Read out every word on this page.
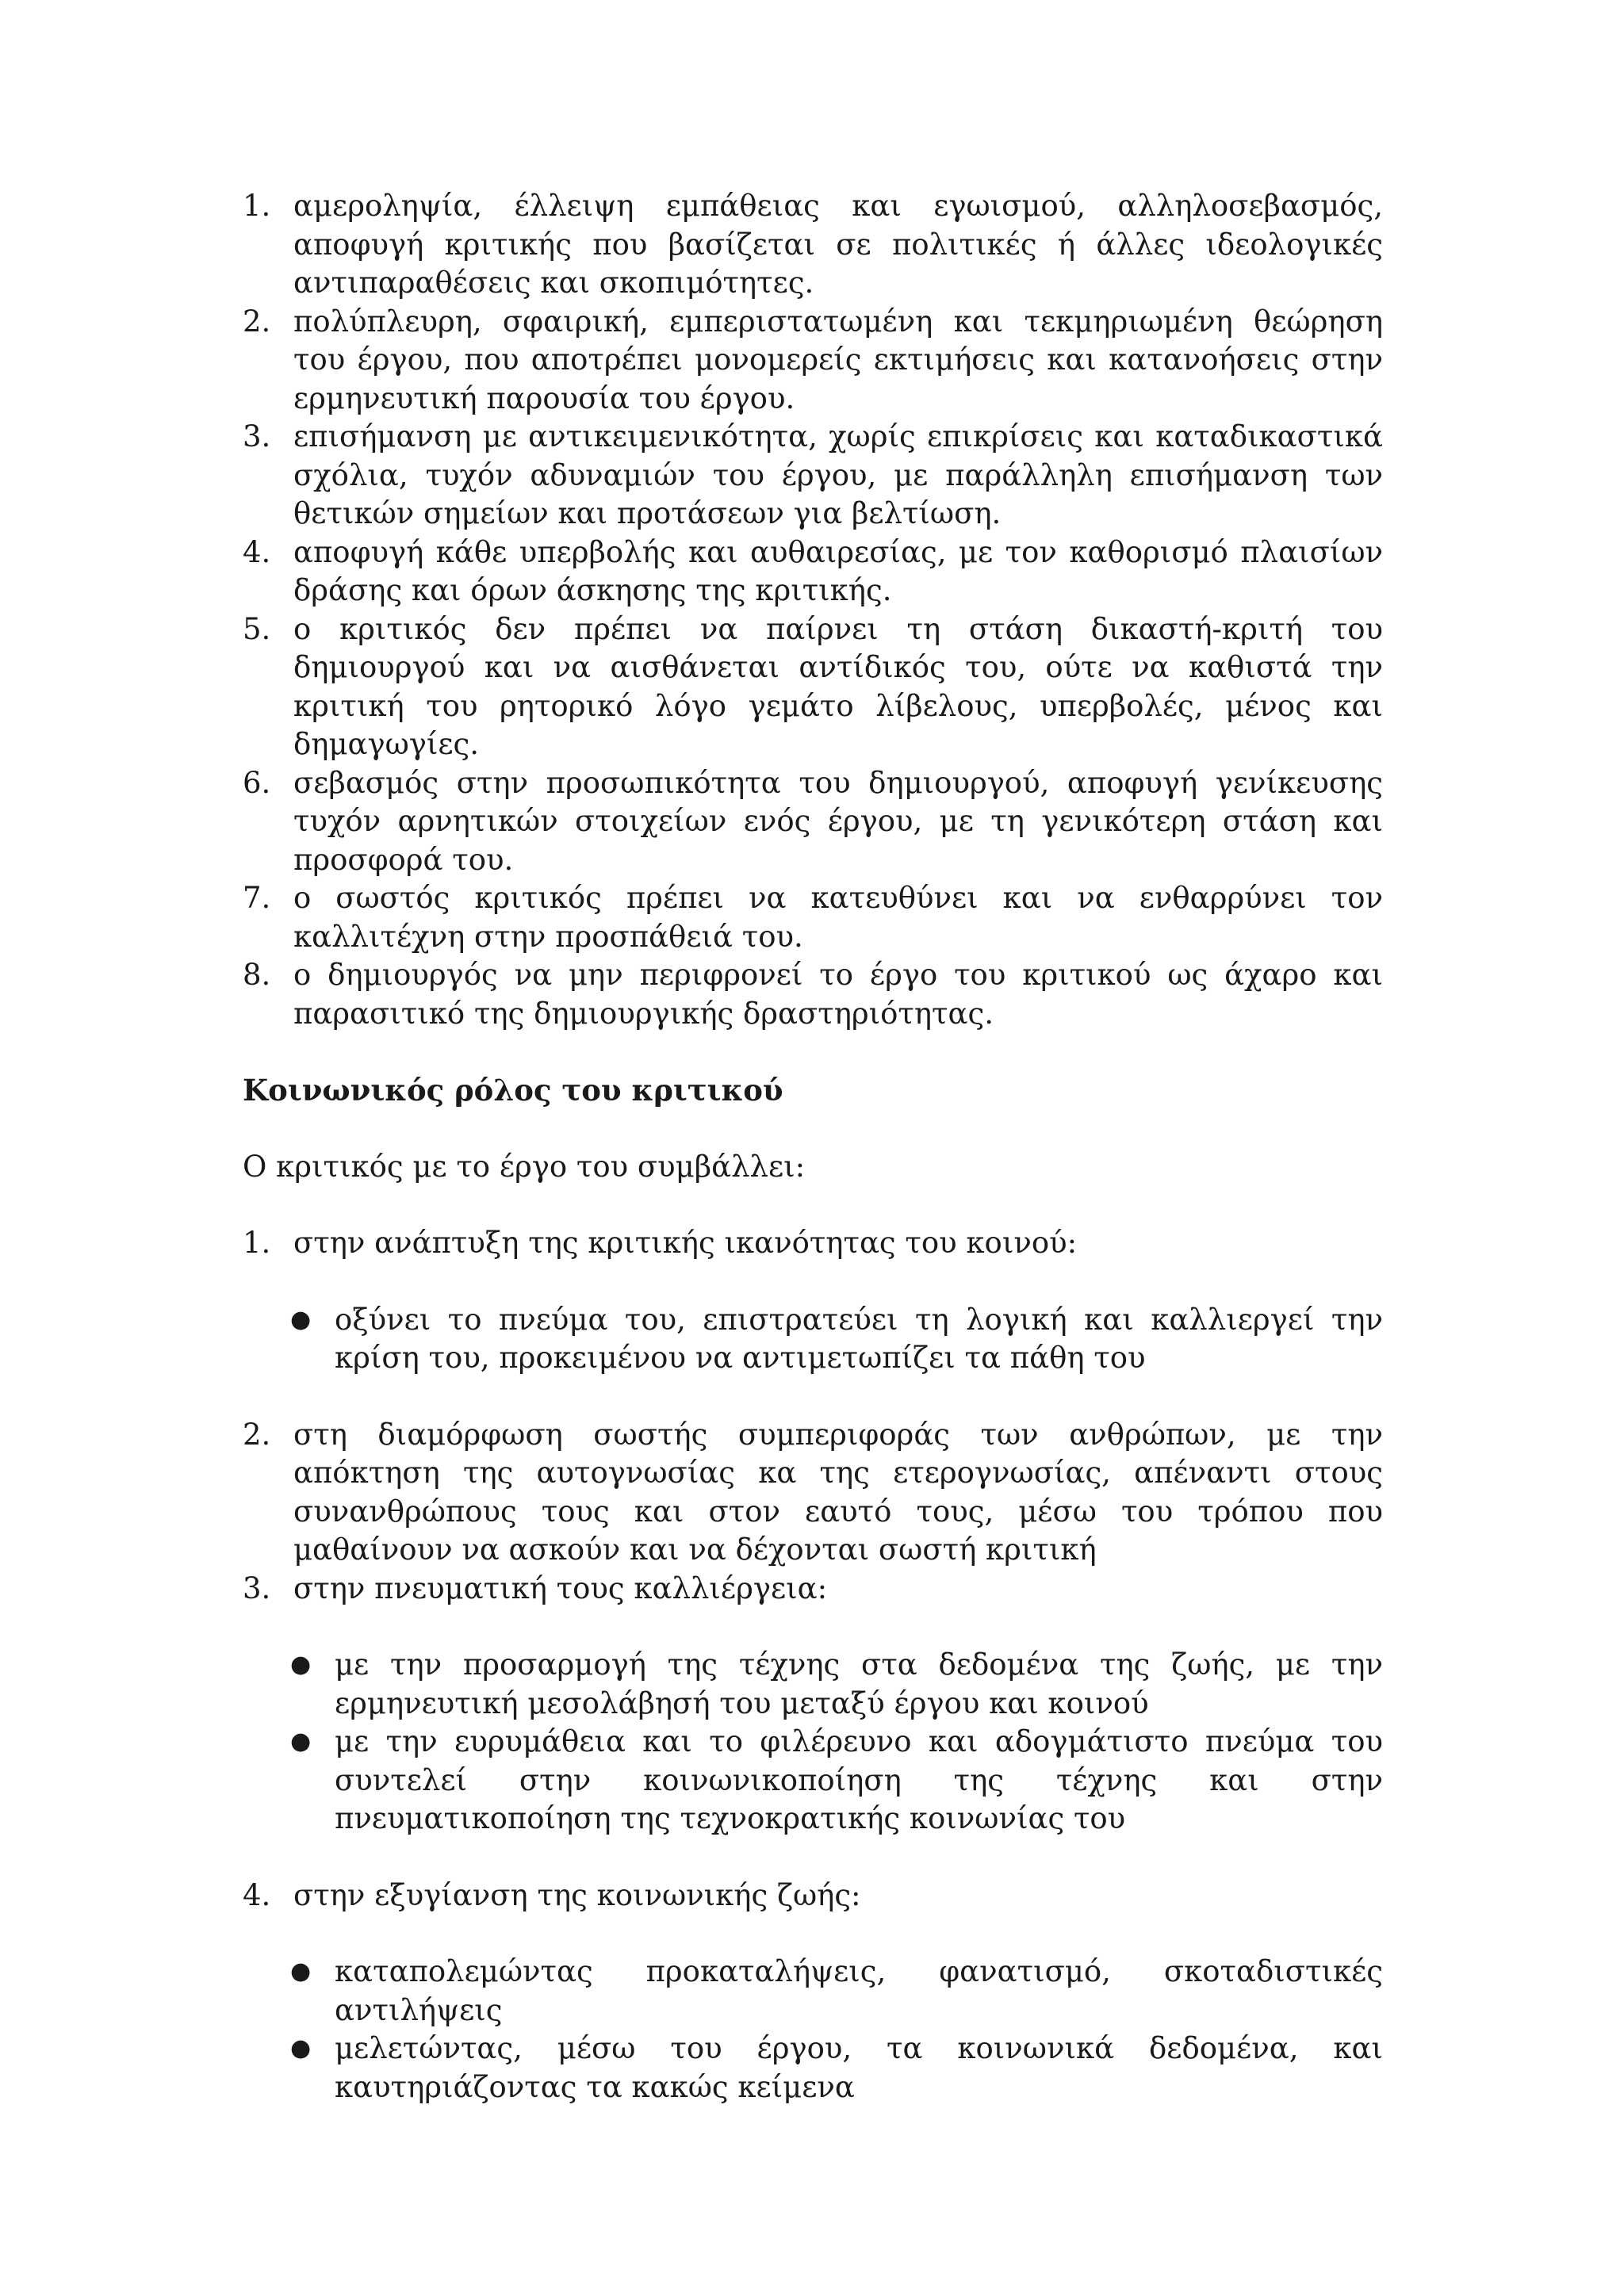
1. αμεροληψία, έλλειψη εμπάθειας και εγωισμού, αλληλοσεβασμός, αποφυγή κριτικής που βασίζεται σε πολιτικές ή άλλες ιδεολογικές αντιπαραθέσεις και σκοπιμότητες.
2. πολύπλευρη, σφαιρική, εμπεριστατωμένη και τεκμηριωμένη θεώρηση του έργου, που αποτρέπει μονομερείς εκτιμήσεις και κατανοήσεις στην ερμηνευτική παρουσία του έργου.
3. επισήμανση με αντικειμενικότητα, χωρίς επικρίσεις και καταδικαστικά σχόλια, τυχόν αδυναμιών του έργου, με παράλληλη επισήμανση των θετικών σημείων και προτάσεων για βελτίωση.
4. αποφυγή κάθε υπερβολής και αυθαιρεσίας, με τον καθορισμό πλαισίων δράσης και όρων άσκησης της κριτικής.
5. ο κριτικός δεν πρέπει να παίρνει τη στάση δικαστή-κριτή του δημιουργού και να αισθάνεται αντίδικός του, ούτε να καθιστά την κριτική του ρητορικό λόγο γεμάτο λίβελους, υπερβολές, μένος και δημαγωγίες.
6. σεβασμός στην προσωπικότητα του δημιουργού, αποφυγή γενίκευσης τυχόν αρνητικών στοιχείων ενός έργου, με τη γενικότερη στάση και προσφορά του.
7. ο σωστός κριτικός πρέπει να κατευθύνει και να ενθαρρύνει τον καλλιτέχνη στην προσπάθειά του.
8. ο δημιουργός να μην περιφρονεί το έργο του κριτικού ως άχαρο και παρασιτικό της δημιουργικής δραστηριότητας.
Κοινωνικός ρόλος του κριτικού
Ο κριτικός με το έργο του συμβάλλει:
1. στην ανάπτυξη της κριτικής ικανότητας του κοινού:
● οξύνει το πνεύμα του, επιστρατεύει τη λογική και καλλιεργεί την κρίση του, προκειμένου να αντιμετωπίζει τα πάθη του
2. στη διαμόρφωση σωστής συμπεριφοράς των ανθρώπων, με την απόκτηση της αυτογνωσίας κα της ετερογνωσίας, απέναντι στους συνανθρώπους τους και στον εαυτό τους, μέσω του τρόπου που μαθαίνουν να ασκούν και να δέχονται σωστή κριτική
3. στην πνευματική τους καλλιέργεια:
● με την προσαρμογή της τέχνης στα δεδομένα της ζωής, με την ερμηνευτική μεσολάβησή του μεταξύ έργου και κοινού
● με την ευρυμάθεια και το φιλέρευνο και αδογμάτιστο πνεύμα του συντελεί στην κοινωνικοποίηση της τέχνης και στην πνευματικοποίηση της τεχνοκρατικής κοινωνίας του
4. στην εξυγίανση της κοινωνικής ζωής:
● καταπολεμώντας προκαταλήψεις, φανατισμό, σκοταδιστικές αντιλήψεις
● μελετώντας, μέσω του έργου, τα κοινωνικά δεδομένα, και καυτηριάζοντας τα κακώς κείμενα
